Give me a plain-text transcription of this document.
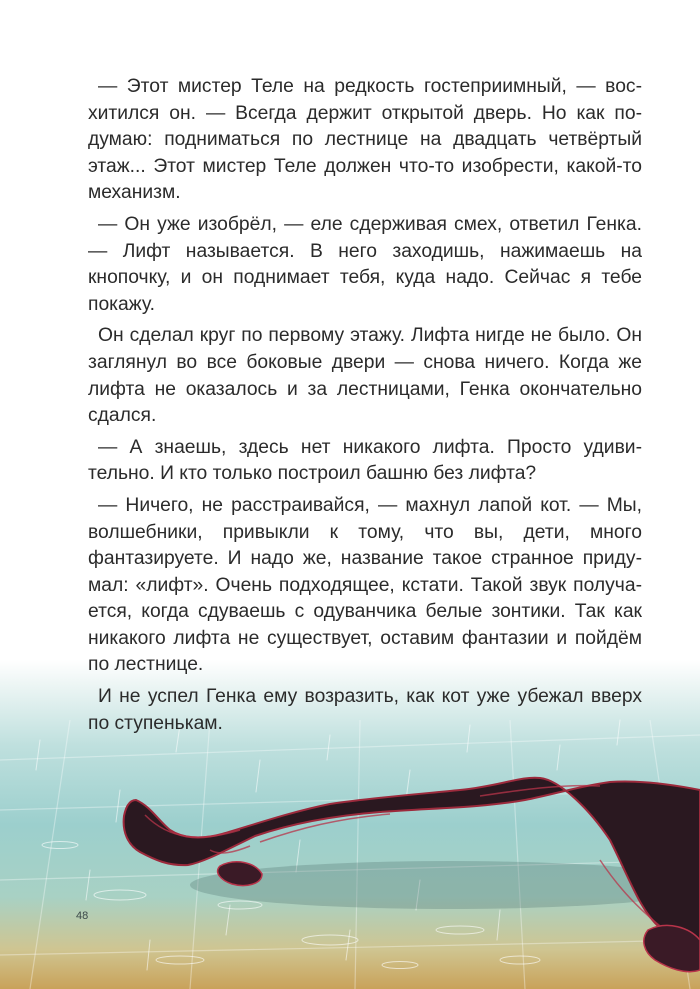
— Этот мистер Теле на редкость гостеприимный, — восхитился он. — Всегда держит открытой дверь. Но как подумаю: подниматься по лестнице на двадцать четвёртый этаж... Этот мистер Теле должен что-то изобрести, какой-то механизм.

— Он уже изобрёл, — еле сдерживая смех, ответил Генка. — Лифт называется. В него заходишь, нажимаешь на кнопочку, и он поднимает тебя, куда надо. Сейчас я тебе покажу.

Он сделал круг по первому этажу. Лифта нигде не было. Он заглянул во все боковые двери — снова ничего. Когда же лифта не оказалось и за лестницами, Генка окончательно сдался.

— А знаешь, здесь нет никакого лифта. Просто удивительно. И кто только построил башню без лифта?

— Ничего, не расстраивайся, — махнул лапой кот. — Мы, волшебники, привыкли к тому, что вы, дети, много фантазируете. И надо же, название такое странное придумал: «лифт». Очень подходящее, кстати. Такой звук получается, когда сдуваешь с одуванчика белые зонтики. Так как никакого лифта не существует, оставим фантазии и пойдём по лестнице.

И не успел Генка ему возразить, как кот уже убежал вверх по ступенькам.

48
